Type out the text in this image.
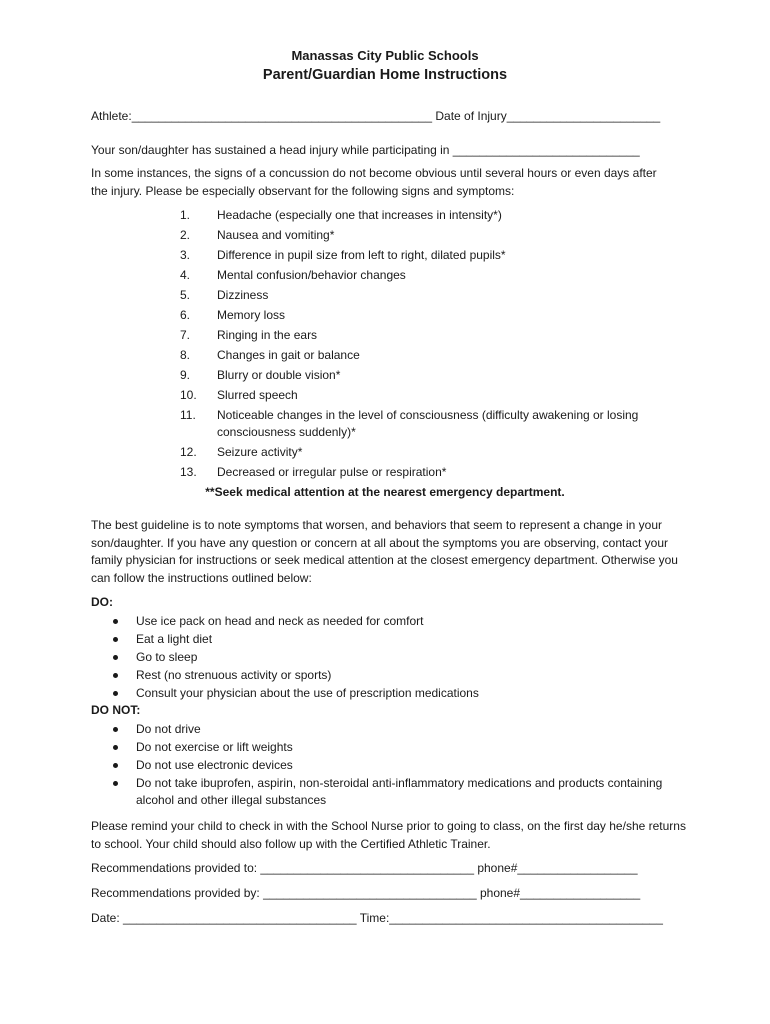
Manassas City Public Schools
Parent/Guardian Home Instructions
Athlete:_____________________________________________ Date of Injury_______________________
Your son/daughter has sustained a head injury while participating in ____________________________
In some instances, the signs of a concussion do not become obvious until several hours or even days after the injury. Please be especially observant for the following signs and symptoms:
1. Headache (especially one that increases in intensity*)
2. Nausea and vomiting*
3. Difference in pupil size from left to right, dilated pupils*
4. Mental confusion/behavior changes
5. Dizziness
6. Memory loss
7. Ringing in the ears
8. Changes in gait or balance
9. Blurry or double vision*
10. Slurred speech
11. Noticeable changes in the level of consciousness (difficulty awakening or losing consciousness suddenly)*
12. Seizure activity*
13. Decreased or irregular pulse or respiration*
**Seek medical attention at the nearest emergency department.
The best guideline is to note symptoms that worsen, and behaviors that seem to represent a change in your son/daughter. If you have any question or concern at all about the symptoms you are observing, contact your family physician for instructions or seek medical attention at the closest emergency department. Otherwise you can follow the instructions outlined below:
DO:
Use ice pack on head and neck as needed for comfort
Eat a light diet
Go to sleep
Rest (no strenuous activity or sports)
Consult your physician about the use of prescription medications
DO NOT:
Do not drive
Do not exercise or lift weights
Do not use electronic devices
Do not take ibuprofen, aspirin, non-steroidal anti-inflammatory medications and products containing alcohol and other illegal substances
Please remind your child to check in with the School Nurse prior to going to class, on the first day he/she returns to school. Your child should also follow up with the Certified Athletic Trainer.
Recommendations provided to: ________________________________ phone#__________________
Recommendations provided by: ________________________________ phone#__________________
Date: ___________________________________ Time:_________________________________________
